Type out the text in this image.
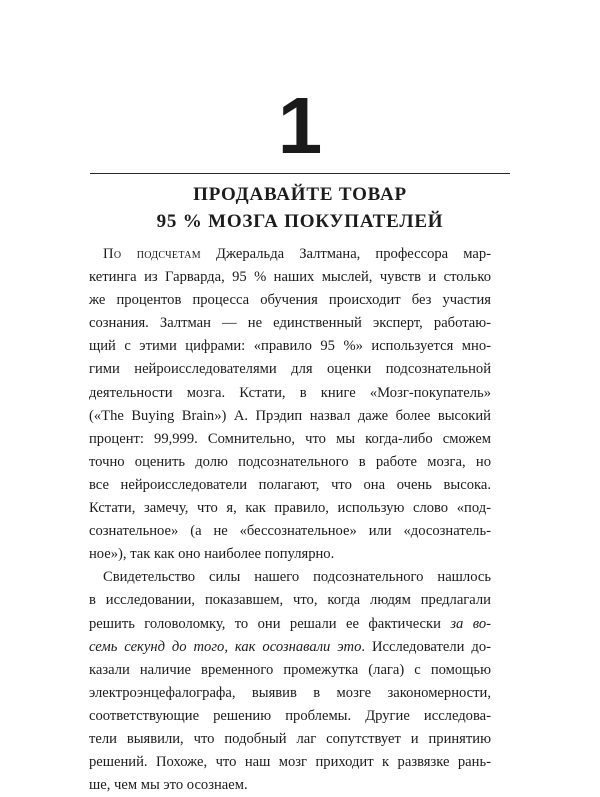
1
ПРОДАВАЙТЕ ТОВАР
95 % МОЗГА ПОКУПАТЕЛЕЙ
По подсчетам Джеральда Залтмана, профессора мар-
кетинга из Гарварда, 95 % наших мыслей, чувств и столько
же процентов процесса обучения происходит без участия
сознания. Залтман — не единственный эксперт, работаю-
щий с этими цифрами: «правило 95 %» используется мно-
гими нейроисследователями для оценки подсознательной
деятельности мозга. Кстати, в книге «Мозг-покупатель»
(«The Buying Brain») А. Прэдип назвал даже более высокий
процент: 99,999. Сомнительно, что мы когда-либо сможем
точно оценить долю подсознательного в работе мозга, но
все нейроисследователи полагают, что она очень высока.
Кстати, замечу, что я, как правило, использую слово «под-
сознательное» (а не «бессознательное» или «досознатель-
ное»), так как оно наиболее популярно.
Свидетельство силы нашего подсознательного нашлось
в исследовании, показавшем, что, когда людям предлагали
решить головоломку, то они решали ее фактически за во-
семь секунд до того, как осознавали это. Исследователи до-
казали наличие временного промежутка (лага) с помощью
электроэнцефалографа, выявив в мозге закономерности,
соответствующие решению проблемы. Другие исследова-
тели выявили, что подобный лаг сопутствует и принятию
решений. Похоже, что наш мозг приходит к развязке рань-
ше, чем мы это осознаем.
